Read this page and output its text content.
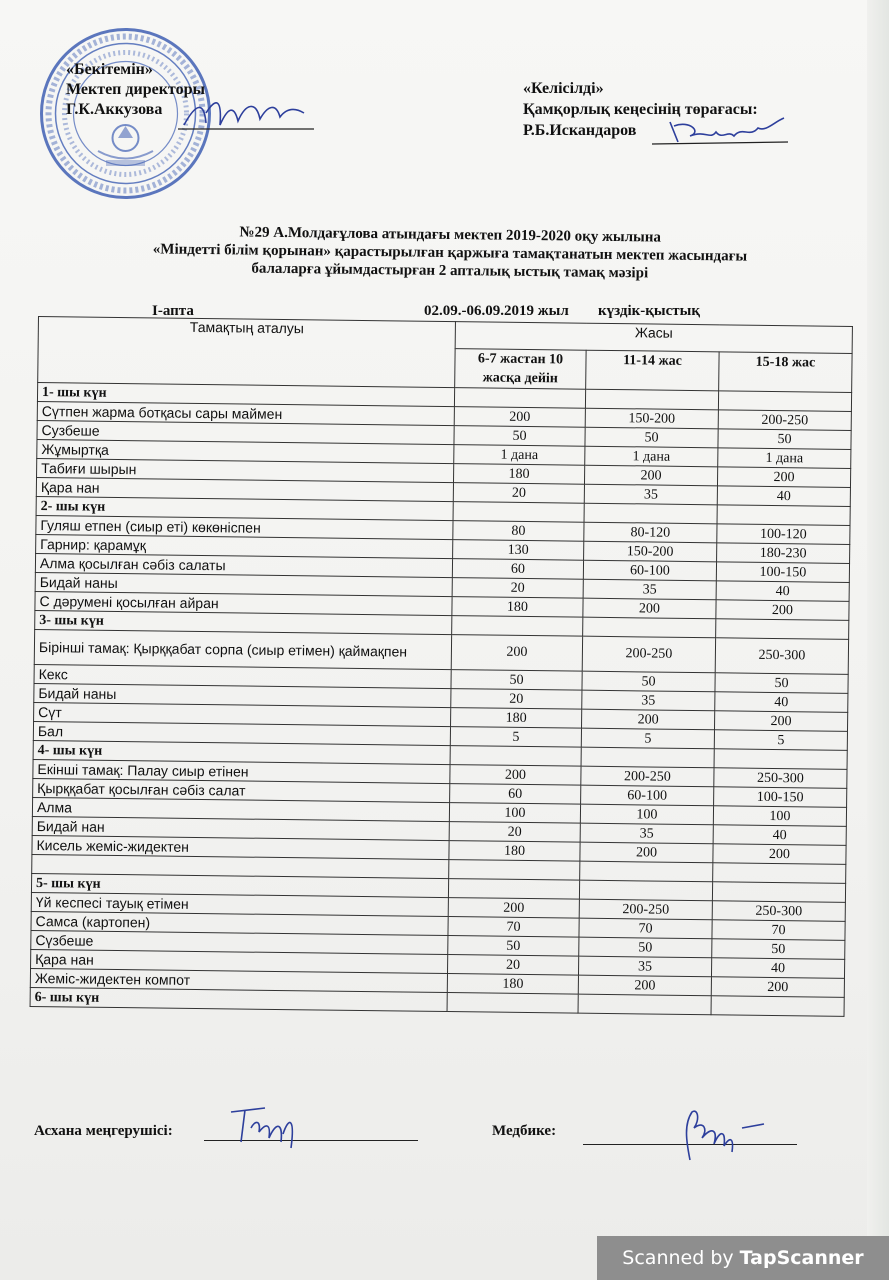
«Бекітемін»
Мектеп директоры
Г.К.Аккузова
«Келісілді»
Қамқорлық кеңесінің төрағасы:
Р.Б.Искандаров
№29 А.Молдағұлова атындағы мектеп 2019-2020 оқу жылына
«Міндетті білім қорынан» қарастырылған қаржыға тамақтанатын мектеп жасындағы
балаларға ұйымдастырған 2 апталық ыстық тамақ мәзірі
І-апта	02.09.-06.09.2019 жыл күздік-қыстық
Тамақтың аталуы	Жасы		
	6-7 жастан 10 жасқа дейін	11-14 жас	15-18 жас
1- шы күн			
Сүтпен жарма ботқасы сары маймен	200	150-200	200-250
Сузбеше	50	50	50
Жұмыртқа	1 дана	1 дана	1 дана
Табиғи шырын	180	200	200
Қара нан	20	35	40
2- шы күн			
Гуляш етпен (сиыр еті) көкөніспен	80	80-120	100-120
Гарнир: қарамұқ	130	150-200	180-230
Алма қосылған сәбіз салаты	60	60-100	100-150
Бидай наны	20	35	40
С дәрумені қосылған айран	180	200	200
3- шы күн			
Бірінші тамақ: Қырққабат сорпа (сиыр етімен) қаймақпен	200	200-250	250-300
Кекс	50	50	50
Бидай наны	20	35	40
Сүт	180	200	200
Бал	5	5	5
4- шы күн			
Екінші тамақ: Палау сиыр етінен	200	200-250	250-300
Қырққабат қосылған сәбіз салат	60	60-100	100-150
Алма	100	100	100
Бидай нан	20	35	40
Кисель жеміс-жидектен	180	200	200

5- шы күн			
Үй кеспесі тауық етімен	200	200-250	250-300
Самса (картопен)	70	70	70
Сүзбеше	50	50	50
Қара нан	20	35	40
Жеміс-жидектен компот	180	200	200
6- шы күн			
Асхана меңгерушісі:	Медбике:
Scanned by TapScanner
